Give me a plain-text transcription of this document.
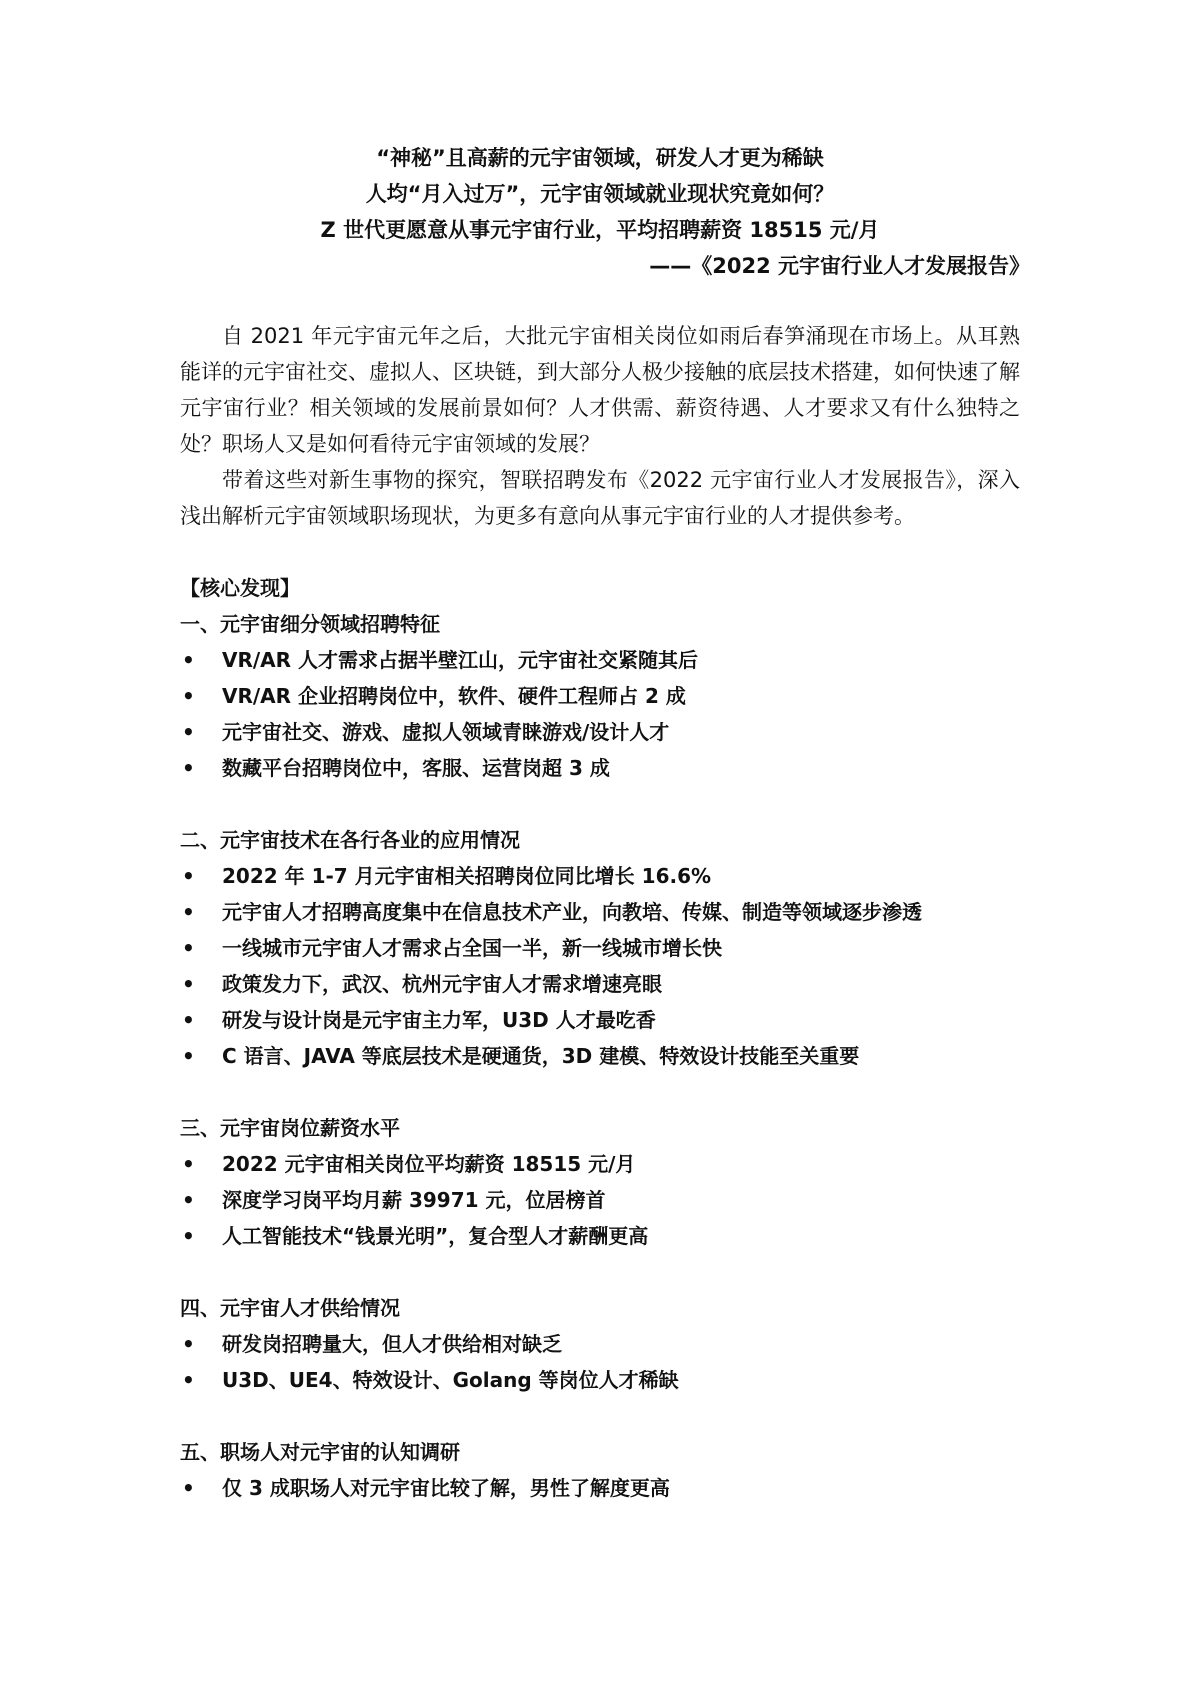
“神秘”且高薪的元宇宙领域，研发人才更为稀缺
人均“月入过万”，元宇宙领域就业现状究竟如何？
Z 世代更愿意从事元宇宙行业，平均招聘薪资 18515 元/月
——《2022 元宇宙行业人才发展报告》

自 2021 年元宇宙元年之后，大批元宇宙相关岗位如雨后春笋涌现在市场上。从耳熟能详的元宇宙社交、虚拟人、区块链，到大部分人极少接触的底层技术搭建，如何快速了解元宇宙行业？相关领域的发展前景如何？人才供需、薪资待遇、人才要求又有什么独特之处？职场人又是如何看待元宇宙领域的发展？

带着这些对新生事物的探究，智联招聘发布《2022 元宇宙行业人才发展报告》，深入浅出解析元宇宙领域职场现状，为更多有意向从事元宇宙行业的人才提供参考。

【核心发现】
一、元宇宙细分领域招聘特征
• VR/AR 人才需求占据半壁江山，元宇宙社交紧随其后
• VR/AR 企业招聘岗位中，软件、硬件工程师占 2 成
• 元宇宙社交、游戏、虚拟人领域青睐游戏/设计人才
• 数藏平台招聘岗位中，客服、运营岗超 3 成
二、元宇宙技术在各行各业的应用情况
• 2022 年 1-7 月元宇宙相关招聘岗位同比增长 16.6%
• 元宇宙人才招聘高度集中在信息技术产业，向教培、传媒、制造等领域逐步渗透
• 一线城市元宇宙人才需求占全国一半，新一线城市增长快
• 政策发力下，武汉、杭州元宇宙人才需求增速亮眼
• 研发与设计岗是元宇宙主力军，U3D 人才最吃香
• C 语言、JAVA 等底层技术是硬通货，3D 建模、特效设计技能至关重要
三、元宇宙岗位薪资水平
• 2022 元宇宙相关岗位平均薪资 18515 元/月
• 深度学习岗平均月薪 39971 元，位居榜首
• 人工智能技术“钱景光明”，复合型人才薪酬更高
四、元宇宙人才供给情况
• 研发岗招聘量大，但人才供给相对缺乏
• U3D、UE4、特效设计、Golang 等岗位人才稀缺
五、职场人对元宇宙的认知调研
• 仅 3 成职场人对元宇宙比较了解，男性了解度更高
